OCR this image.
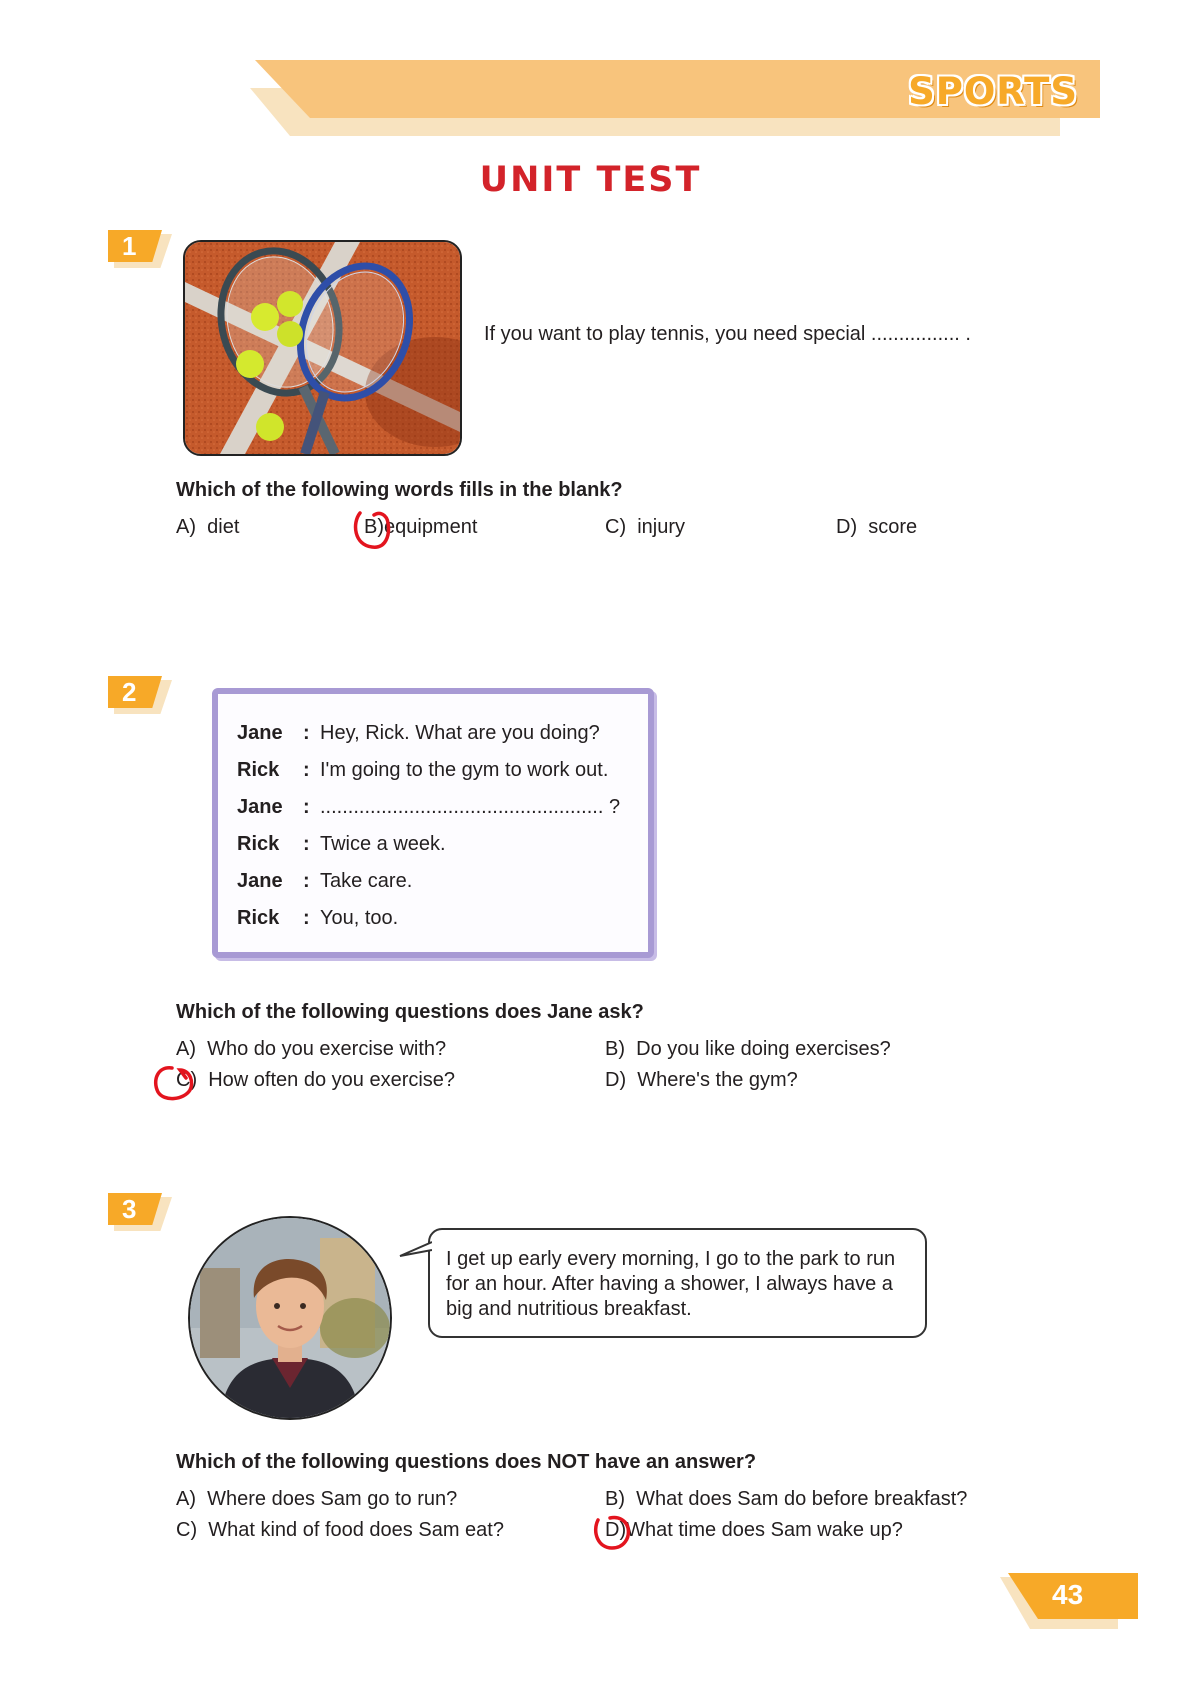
SPORTS
UNIT TEST
1
If you want to play tennis, you need special ................ .
Which of the following words fills in the blank?
A) diet	B)equipment	C) injury	D) score
2
Jane : Hey, Rick. What are you doing?
Rick : I'm going to the gym to work out.
Jane : ................................................... ?
Rick : Twice a week.
Jane : Take care.
Rick : You, too.
Which of the following questions does Jane ask?
A) Who do you exercise with?	B) Do you like doing exercises?
C) How often do you exercise?	D) Where's the gym?
3
I get up early every morning, I go to the park to run for an hour. After having a shower, I always have a big and nutritious breakfast.
Which of the following questions does NOT have an answer?
A) Where does Sam go to run?	B) What does Sam do before breakfast?
C) What kind of food does Sam eat?	D)What time does Sam wake up?
43
